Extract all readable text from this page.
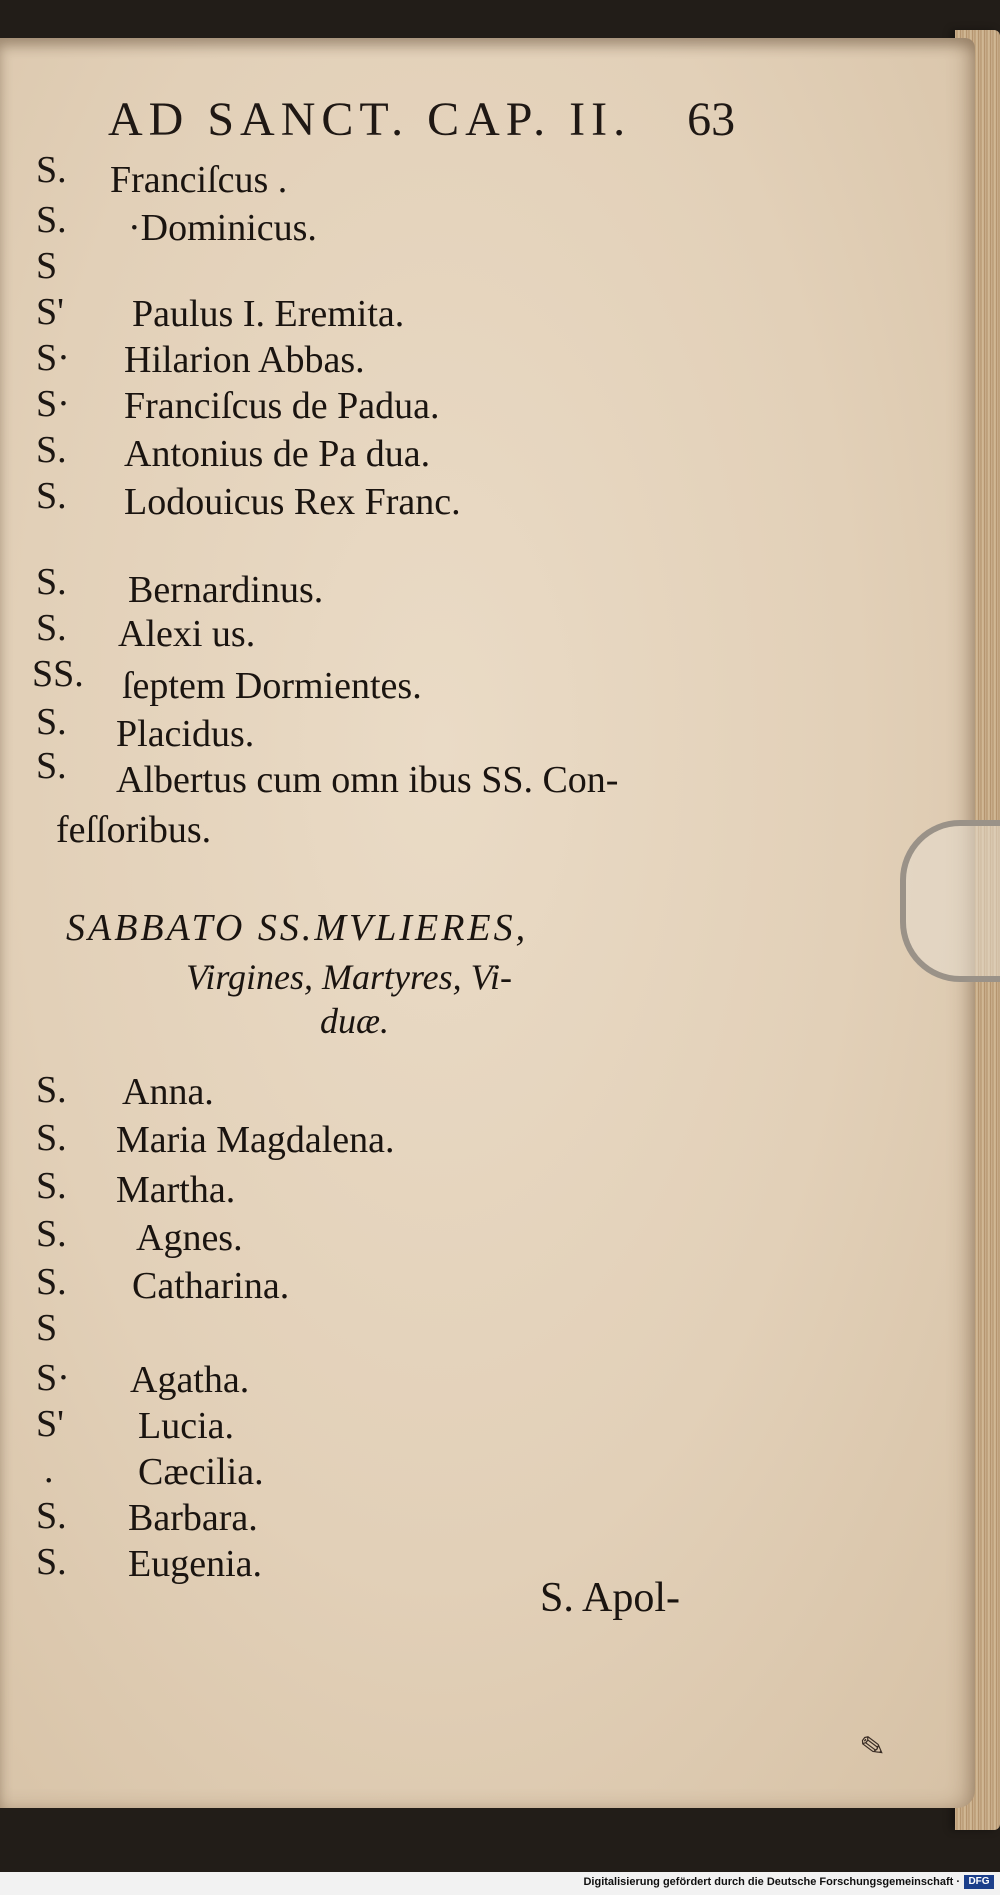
AD SANCT. CAP. II. 63
S. Franciſcus .
S. ·Dominicus.
S
S' Paulus I. Eremita.
S· Hilarion Abbas.
S· Franciſcus de Padua.
S. Antonius de Pa dua.
S. Lodouicus Rex Franc.
S. Bernardinus.
S. Alexi us.
SS. ſeptem Dormientes.
S. Placidus.
S. Albertus cum omn ibus SS. Con-
feſſoribus.
SABBATO SS.MVLIERES,
Virgines, Martyres, Vi-
duæ.
S. Anna.
S. Maria Magdalena.
S. Martha.
S. Agnes.
S. Catharina.
S
S· Agatha.
S' Lucia.
. Cæcilia.
S. Barbara.
S. Eugenia.
S. Apol-
✎
Digitalisierung gefördert durch die Deutsche Forschungsgemeinschaft · DFG
